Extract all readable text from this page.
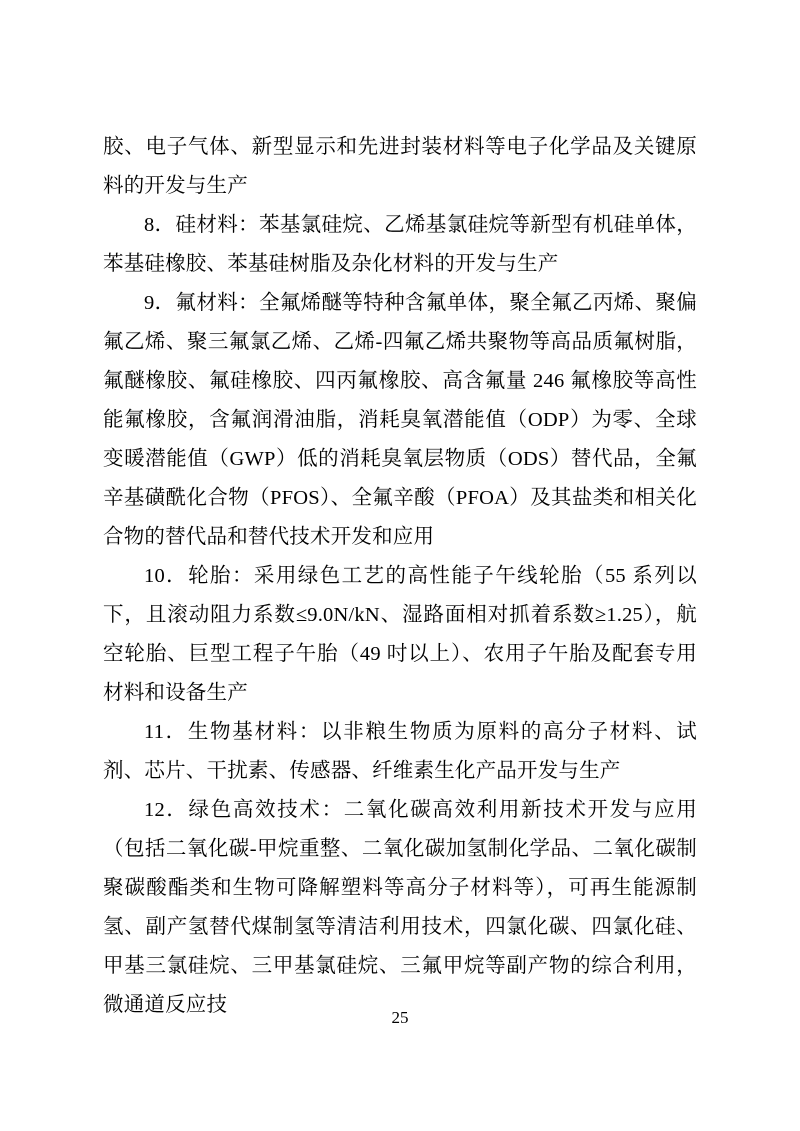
胶、电子气体、新型显示和先进封装材料等电子化学品及关键原料的开发与生产

8．硅材料：苯基氯硅烷、乙烯基氯硅烷等新型有机硅单体，苯基硅橡胶、苯基硅树脂及杂化材料的开发与生产

9．氟材料：全氟烯醚等特种含氟单体，聚全氟乙丙烯、聚偏氟乙烯、聚三氟氯乙烯、乙烯-四氟乙烯共聚物等高品质氟树脂，氟醚橡胶、氟硅橡胶、四丙氟橡胶、高含氟量 246 氟橡胶等高性能氟橡胶，含氟润滑油脂，消耗臭氧潜能值（ODP）为零、全球变暖潜能值（GWP）低的消耗臭氧层物质（ODS）替代品，全氟辛基磺酰化合物（PFOS）、全氟辛酸（PFOA）及其盐类和相关化合物的替代品和替代技术开发和应用

10．轮胎：采用绿色工艺的高性能子午线轮胎（55 系列以下，且滚动阻力系数≤9.0N/kN、湿路面相对抓着系数≥1.25），航空轮胎、巨型工程子午胎（49 吋以上）、农用子午胎及配套专用材料和设备生产

11．生物基材料：以非粮生物质为原料的高分子材料、试剂、芯片、干扰素、传感器、纤维素生化产品开发与生产

12．绿色高效技术：二氧化碳高效利用新技术开发与应用（包括二氧化碳-甲烷重整、二氧化碳加氢制化学品、二氧化碳制聚碳酸酯类和生物可降解塑料等高分子材料等），可再生能源制氢、副产氢替代煤制氢等清洁利用技术，四氯化碳、四氯化硅、甲基三氯硅烷、三甲基氯硅烷、三氟甲烷等副产物的综合利用，微通道反应技

25
